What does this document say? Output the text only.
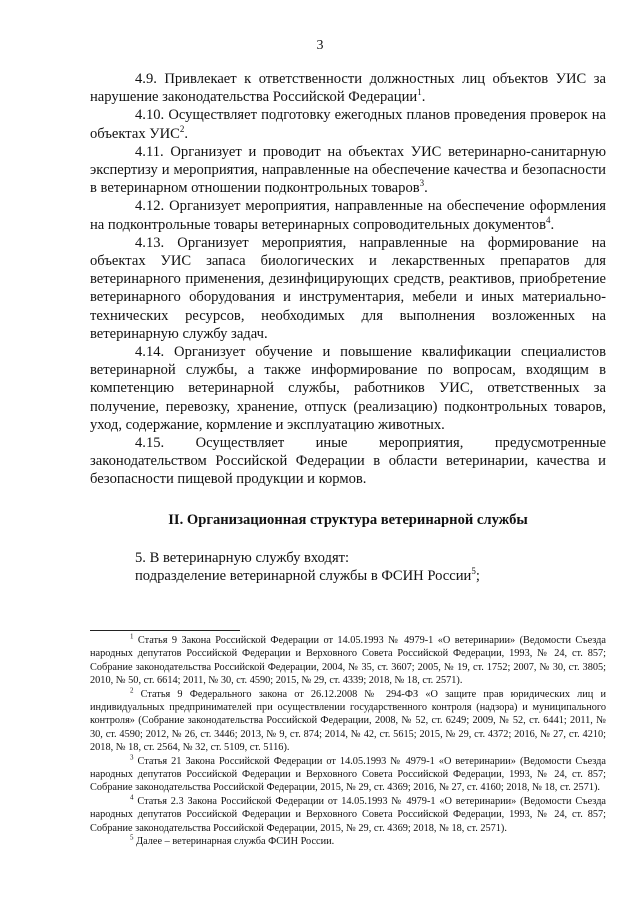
3

4.9. Привлекает к ответственности должностных лиц объектов УИС за нарушение законодательства Российской Федерации$^1$.

4.10. Осуществляет подготовку ежегодных планов проведения проверок на объектах УИС$^2$.

4.11. Организует и проводит на объектах УИС ветеринарно-санитарную экспертизу и мероприятия, направленные на обеспечение качества и безопасности в ветеринарном отношении подконтрольных товаров$^3$.

4.12. Организует мероприятия, направленные на обеспечение оформления на подконтрольные товары ветеринарных сопроводительных документов$^4$.

4.13. Организует мероприятия, направленные на формирование на объектах УИС запаса биологических и лекарственных препаратов для ветеринарного применения, дезинфицирующих средств, реактивов, приобретение ветеринарного оборудования и инструментария, мебели и иных материально-технических ресурсов, необходимых для выполнения возложенных на ветеринарную службу задач.

4.14. Организует обучение и повышение квалификации специалистов ветеринарной службы, а также информирование по вопросам, входящим в компетенцию ветеринарной службы, работников УИС, ответственных за получение, перевозку, хранение, отпуск (реализацию) подконтрольных товаров, уход, содержание, кормление и эксплуатацию животных.

4.15. Осуществляет иные мероприятия, предусмотренные законодательством Российской Федерации в области ветеринарии, качества и безопасности пищевой продукции и кормов.

II. Организационная структура ветеринарной службы

5. В ветеринарную службу входят:

подразделение ветеринарной службы в ФСИН России$^5$;

$^1$ Статья 9 Закона Российской Федерации от 14.05.1993 № 4979-1 «О ветеринарии» (Ведомости Съезда народных депутатов Российской Федерации и Верховного Совета Российской Федерации, 1993, № 24, ст. 857; Собрание законодательства Российской Федерации, 2004, № 35, ст. 3607; 2005, № 19, ст. 1752; 2007, № 30, ст. 3805; 2010, № 50, ст. 6614; 2011, № 30, ст. 4590; 2015, № 29, ст. 4339; 2018, № 18, ст. 2571).

$^2$ Статья 9 Федерального закона от 26.12.2008 № 294-ФЗ «О защите прав юридических лиц и индивидуальных предпринимателей при осуществлении государственного контроля (надзора) и муниципального контроля» (Собрание законодательства Российской Федерации, 2008, № 52, ст. 6249; 2009, № 52, ст. 6441; 2011, № 30, ст. 4590; 2012, № 26, ст. 3446; 2013, № 9, ст. 874; 2014, № 42, ст. 5615; 2015, № 29, ст. 4372; 2016, № 27, ст. 4210; 2018, № 18, ст. 2564, № 32, ст. 5109, ст. 5116).

$^3$ Статья 21 Закона Российской Федерации от 14.05.1993 № 4979-1 «О ветеринарии» (Ведомости Съезда народных депутатов Российской Федерации и Верховного Совета Российской Федерации, 1993, № 24, ст. 857; Собрание законодательства Российской Федерации, 2015, № 29, ст. 4369; 2016, № 27, ст. 4160; 2018, № 18, ст. 2571).

$^4$ Статья 2.3 Закона Российской Федерации от 14.05.1993 № 4979-1 «О ветеринарии» (Ведомости Съезда народных депутатов Российской Федерации и Верховного Совета Российской Федерации, 1993, № 24, ст. 857; Собрание законодательства Российской Федерации, 2015, № 29, ст. 4369; 2018, № 18, ст. 2571).

$^5$ Далее – ветеринарная служба ФСИН России.
